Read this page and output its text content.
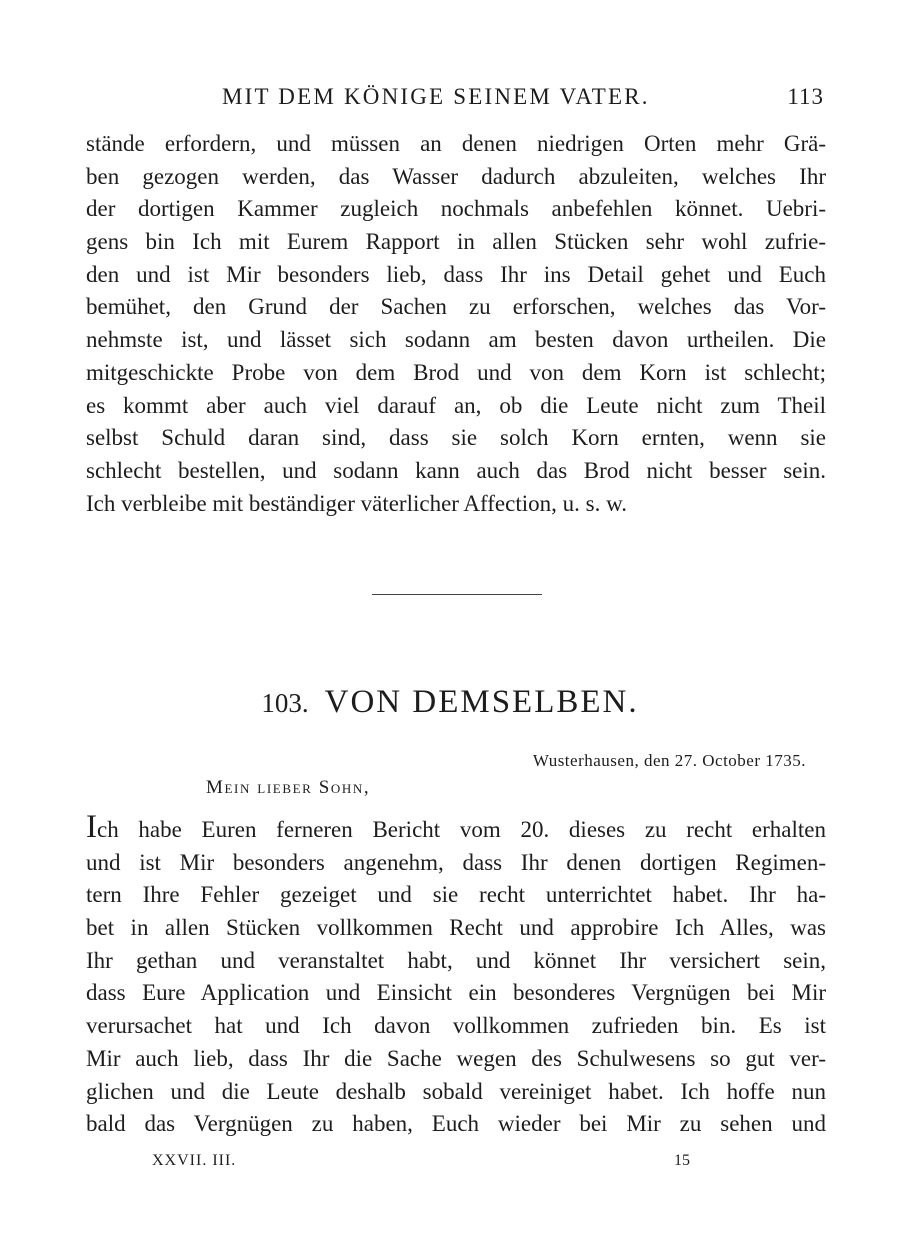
MIT DEM KÖNIGE SEINEM VATER.	113
stände erfordern, und müssen an denen niedrigen Orten mehr Grä-
ben gezogen werden, das Wasser dadurch abzuleiten, welches Ihr
der dortigen Kammer zugleich nochmals anbefehlen könnet. Uebri-
gens bin Ich mit Eurem Rapport in allen Stücken sehr wohl zufrie-
den und ist Mir besonders lieb, dass Ihr ins Detail gehet und Euch
bemühet, den Grund der Sachen zu erforschen, welches das Vor-
nehmste ist, und lässet sich sodann am besten davon urtheilen. Die
mitgeschickte Probe von dem Brod und von dem Korn ist schlecht;
es kommt aber auch viel darauf an, ob die Leute nicht zum Theil
selbst Schuld daran sind, dass sie solch Korn ernten, wenn sie
schlecht bestellen, und sodann kann auch das Brod nicht besser sein.
Ich verbleibe mit beständiger väterlicher Affection, u. s. w.
103. VON DEMSELBEN.
Wusterhausen, den 27. October 1735.
Mein lieber Sohn,
Ich habe Euren ferneren Bericht vom 20. dieses zu recht erhalten
und ist Mir besonders angenehm, dass Ihr denen dortigen Regimen-
tern Ihre Fehler gezeiget und sie recht unterrichtet habet. Ihr ha-
bet in allen Stücken vollkommen Recht und approbire Ich Alles, was
Ihr gethan und veranstaltet habt, und könnet Ihr versichert sein,
dass Eure Application und Einsicht ein besonderes Vergnügen bei Mir
verursachet hat und Ich davon vollkommen zufrieden bin. Es ist
Mir auch lieb, dass Ihr die Sache wegen des Schulwesens so gut ver-
glichen und die Leute deshalb sobald vereiniget habet. Ich hoffe nun
bald das Vergnügen zu haben, Euch wieder bei Mir zu sehen und
XXVII. III.	15
